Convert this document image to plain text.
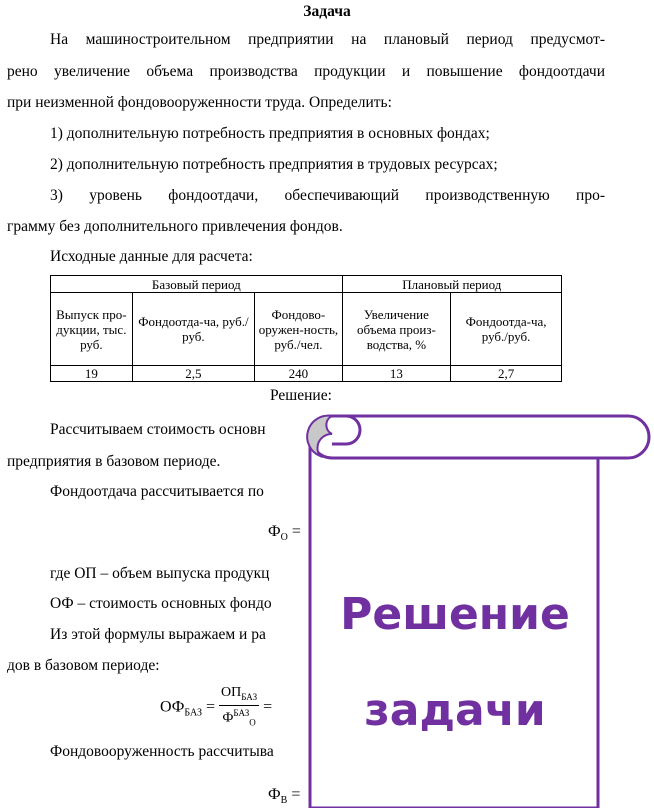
Задача
На машиностроительном предприятии на плановый период предусмот-
рено увеличение объема производства продукции и повышение фондоотдачи
при неизменной фондовооруженности труда. Определить:
1) дополнительную потребность предприятия в основных фондах;
2) дополнительную потребность предприятия в трудовых ресурсах;
3) уровень фондоотдачи, обеспечивающий производственную про-
грамму без дополнительного привлечения фондов.
Исходные данные для расчета:
Базовый период			Плановый период	
Выпуск про-дукции, тыс. руб.	Фондоотда-ча, руб./руб.	Фондово-оружен-ность, руб./чел.	Увеличение объема произ-водства, %	Фондоотда-ча, руб./руб.
19	2,5	240	13	2,7
Решение:
Рассчитываем стоимость основн
предприятия в базовом периоде.
Фондоотдача рассчитывается по
$Ф_О$ =
где ОП – объем выпуска продукц
ОФ – стоимость основных фондо
Из этой формулы выражаем и ра
дов в базовом периоде:
$ОФ_{БАЗ} = \frac{ОП_{БАЗ}}{Ф^{БАЗ}_О}$ =
Фондовооруженность рассчитыва
$Ф_В$ =
Решение
задачи
